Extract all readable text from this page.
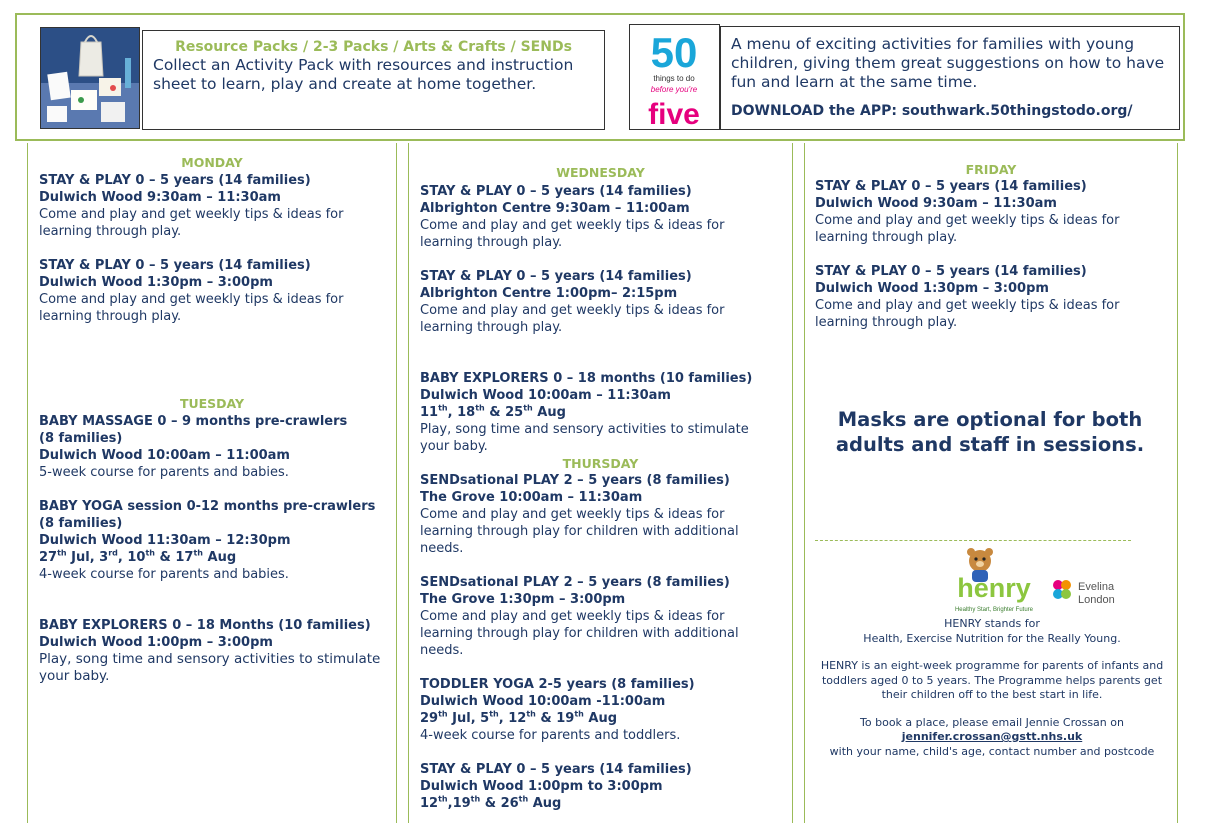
Resource Packs / 2-3 Packs / Arts & Crafts / SENDs
Collect an Activity Pack with resources and instruction sheet to learn, play and create at home together.
50
things to do
before you're
five
A menu of exciting activities for families with young children, giving them great suggestions on how to have fun and learn at the same time.
DOWNLOAD the APP: southwark.50thingstodo.org/
MONDAY
STAY & PLAY 0 – 5 years (14 families)
Dulwich Wood 9:30am – 11:30am
Come and play and get weekly tips & ideas for learning through play.
STAY & PLAY 0 – 5 years (14 families)
Dulwich Wood 1:30pm – 3:00pm
Come and play and get weekly tips & ideas for learning through play.
TUESDAY
BABY MASSAGE 0 – 9 months pre-crawlers
(8 families)
Dulwich Wood 10:00am – 11:00am
5-week course for parents and babies.
BABY YOGA session 0-12 months pre-crawlers
(8 families)
Dulwich Wood 11:30am – 12:30pm
27th Jul, 3rd, 10th & 17th Aug
4-week course for parents and babies.
BABY EXPLORERS 0 – 18 Months (10 families)
Dulwich Wood 1:00pm – 3:00pm
Play, song time and sensory activities to stimulate your baby.
WEDNESDAY
STAY & PLAY 0 – 5 years (14 families)
Albrighton Centre 9:30am – 11:00am
Come and play and get weekly tips & ideas for learning through play.
STAY & PLAY 0 – 5 years (14 families)
Albrighton Centre 1:00pm– 2:15pm
Come and play and get weekly tips & ideas for learning through play.
BABY EXPLORERS 0 – 18 months (10 families)
Dulwich Wood 10:00am – 11:30am
11th, 18th & 25th Aug
Play, song time and sensory activities to stimulate your baby.
THURSDAY
SENDsational PLAY 2 – 5 years (8 families)
The Grove 10:00am – 11:30am
Come and play and get weekly tips & ideas for learning through play for children with additional needs.
SENDsational PLAY 2 – 5 years (8 families)
The Grove 1:30pm – 3:00pm
Come and play and get weekly tips & ideas for learning through play for children with additional needs.
TODDLER YOGA 2-5 years (8 families)
Dulwich Wood 10:00am -11:00am
29th Jul, 5th, 12th & 19th Aug
4-week course for parents and toddlers.
STAY & PLAY 0 – 5 years (14 families)
Dulwich Wood 1:00pm to 3:00pm
12th,19th & 26th Aug
FRIDAY
STAY & PLAY 0 – 5 years (14 families)
Dulwich Wood 9:30am – 11:30am
Come and play and get weekly tips & ideas for learning through play.
STAY & PLAY 0 – 5 years (14 families)
Dulwich Wood 1:30pm – 3:00pm
Come and play and get weekly tips & ideas for learning through play.
Masks are optional for both adults and staff in sessions.
henry
Healthy Start, Brighter Future
Evelina
London
HENRY stands for
Health, Exercise Nutrition for the Really Young.
HENRY is an eight-week programme for parents of infants and toddlers aged 0 to 5 years. The Programme helps parents get their children off to the best start in life.
To book a place, please email Jennie Crossan on
jennifer.crossan@gstt.nhs.uk
with your name, child's age, contact number and postcode
